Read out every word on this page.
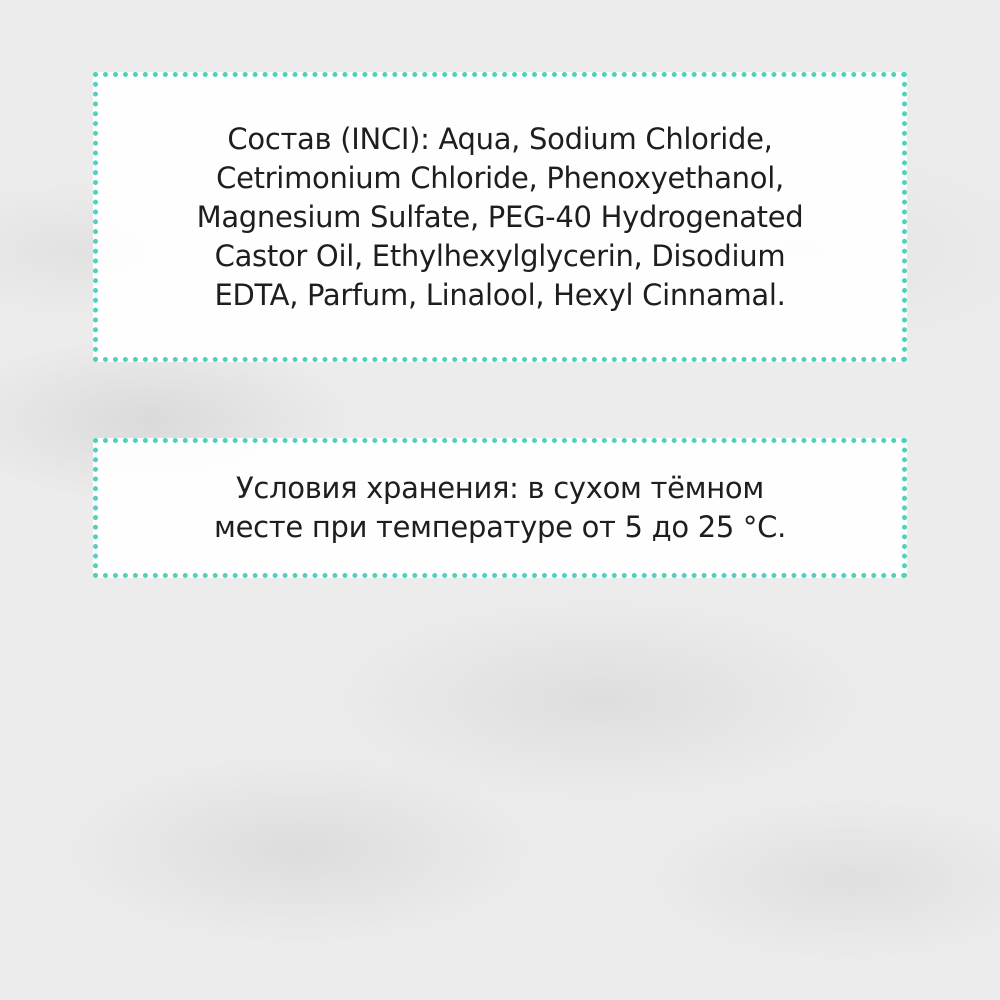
Состав (INCI): Aqua, Sodium Chloride,
Cetrimonium Chloride, Phenoxyethanol,
Magnesium Sulfate, PEG-40 Hydrogenated
Castor Oil, Ethylhexylglycerin, Disodium
EDTA, Parfum, Linalool, Hexyl Cinnamal.
Условия хранения: в сухом тёмном
месте при температуре от 5 до 25 °C.
